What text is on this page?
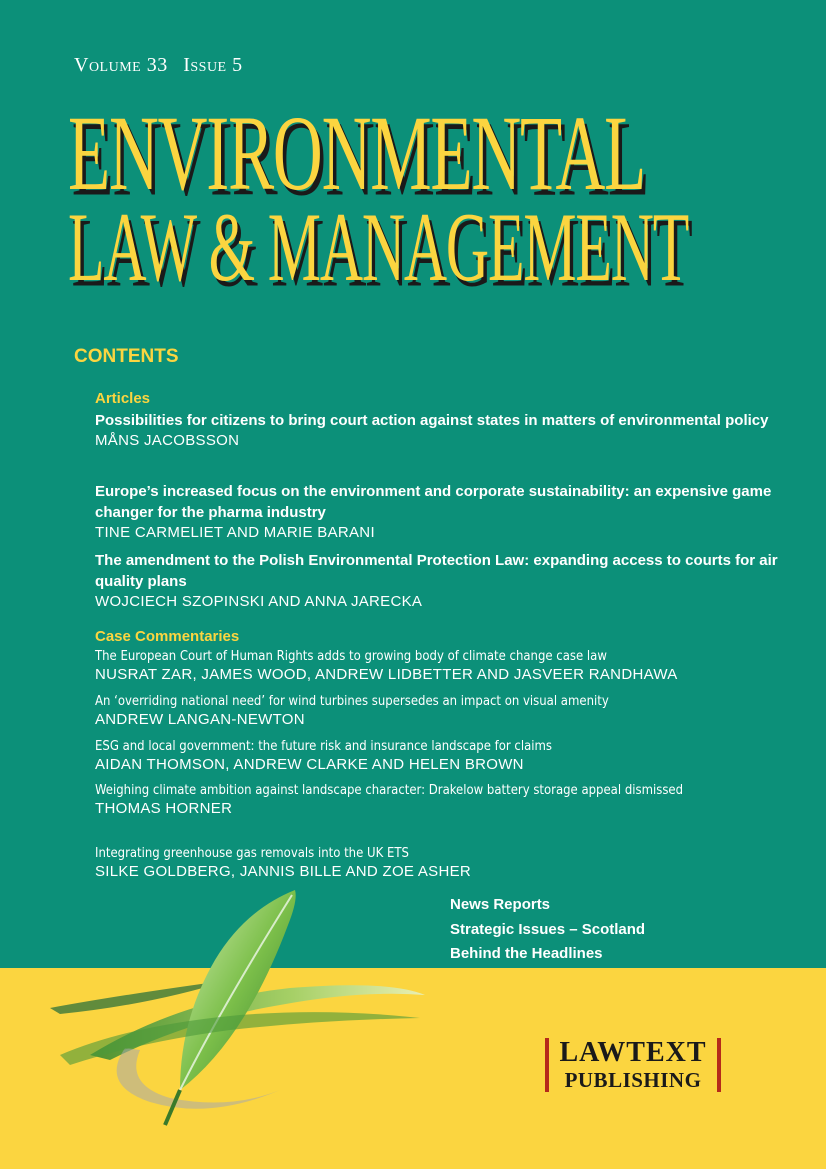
Volume 33 Issue 5
ENVIRONMENTAL
LAW & MANAGEMENT
CONTENTS
Articles
Possibilities for citizens to bring court action against states in matters of environmental policy
MÅNS JACOBSSON
Europe’s increased focus on the environment and corporate sustainability: an expensive game changer for the pharma industry
TINE CARMELIET AND MARIE BARANI
The amendment to the Polish Environmental Protection Law: expanding access to courts for air quality plans
WOJCIECH SZOPINSKI AND ANNA JARECKA
Case Commentaries
The European Court of Human Rights adds to growing body of climate change case law
NUSRAT ZAR, JAMES WOOD, ANDREW LIDBETTER AND JASVEER RANDHAWA
An ‘overriding national need’ for wind turbines supersedes an impact on visual amenity
ANDREW LANGAN-NEWTON
ESG and local government: the future risk and insurance landscape for claims
AIDAN THOMSON, ANDREW CLARKE AND HELEN BROWN
Weighing climate ambition against landscape character: Drakelow battery storage appeal dismissed
THOMAS HORNER
Integrating greenhouse gas removals into the UK ETS
SILKE GOLDBERG, JANNIS BILLE AND ZOE ASHER
News Reports
Strategic Issues – Scotland
Behind the Headlines
LAWTEXT
PUBLISHING
